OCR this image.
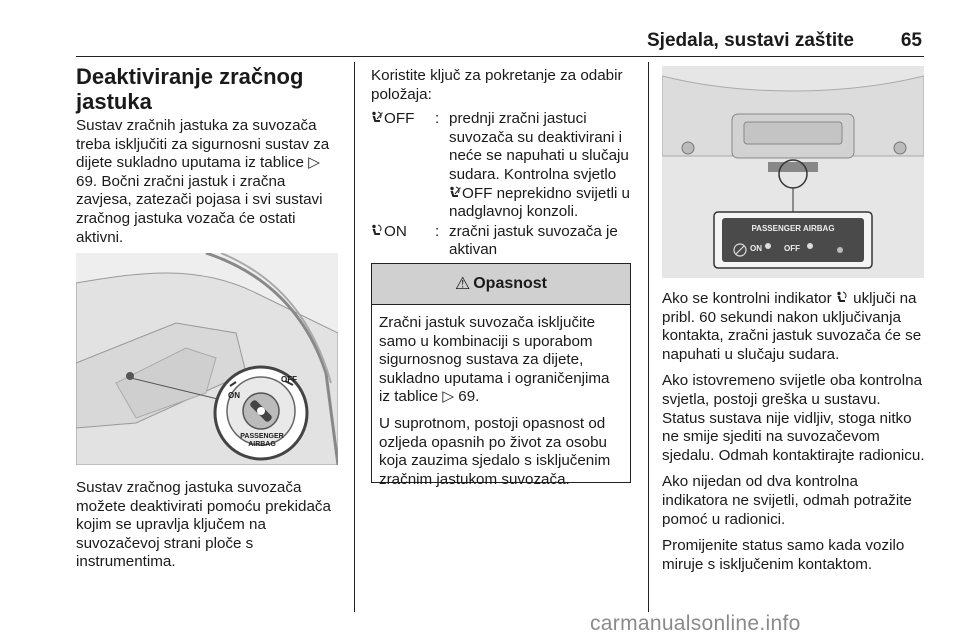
Sjedala, sustavi zaštite 65
Deaktiviranje zračnog
jastuka

Sustav zračnih jastuka za suvozača treba isključiti za sigurnosni sustav za dijete sukladno uputama iz tablice ▷ 69. Bočni zračni jastuk i zračna zavjesa, zatezači pojasa i svi sustavi zračnog jastuka vozača će ostati aktivni.

ON
OFF
PASSENGER AIRBAG

Sustav zračnog jastuka suvozača možete deaktivirati pomoću prekidača kojim se upravlja ključem na suvozačevoj strani ploče s instrumentima.

Koristite ključ za pokretanje za odabir položaja:

OFF	: prednji zračni jastuci suvozača su deaktivirani i neće se napuhati u slučaju sudara. Kontrolna svjetlo

OFF neprekidno svijetli u nadglavnoj konzoli.
ON	: zračni jastuk suvozača je aktivan
⚠ Opasnost

Zračni jastuk suvozača isključite samo u kombinaciji s uporabom sigurnosnog sustava za dijete, sukladno uputama i ograničenjima iz tablice ▷ 69.

U suprotnom, postoji opasnost od ozljeda opasnih po život za osobu koja zauzima sjedalo s isključenim zračnim jastukom suvozača.

PASSENGER AIRBAG
ON	OFF

Ako se kontrolni indikator
uključi na pribl. 60 sekundi nakon uključivanja kontakta, zračni jastuk suvozača će se napuhati u slučaju sudara.

Ako istovremeno svijetle oba kontrolna svjetla, postoji greška u sustavu. Status sustava nije vidljiv, stoga nitko ne smije sjediti na suvozačevom sjedalu. Odmah kontaktirajte radionicu.

Ako nijedan od dva kontrolna indikatora ne svijetli, odmah potražite pomoć u radionici.

Promijenite status samo kada vozilo miruje s isključenim kontaktom.

carmanualsonline.info
